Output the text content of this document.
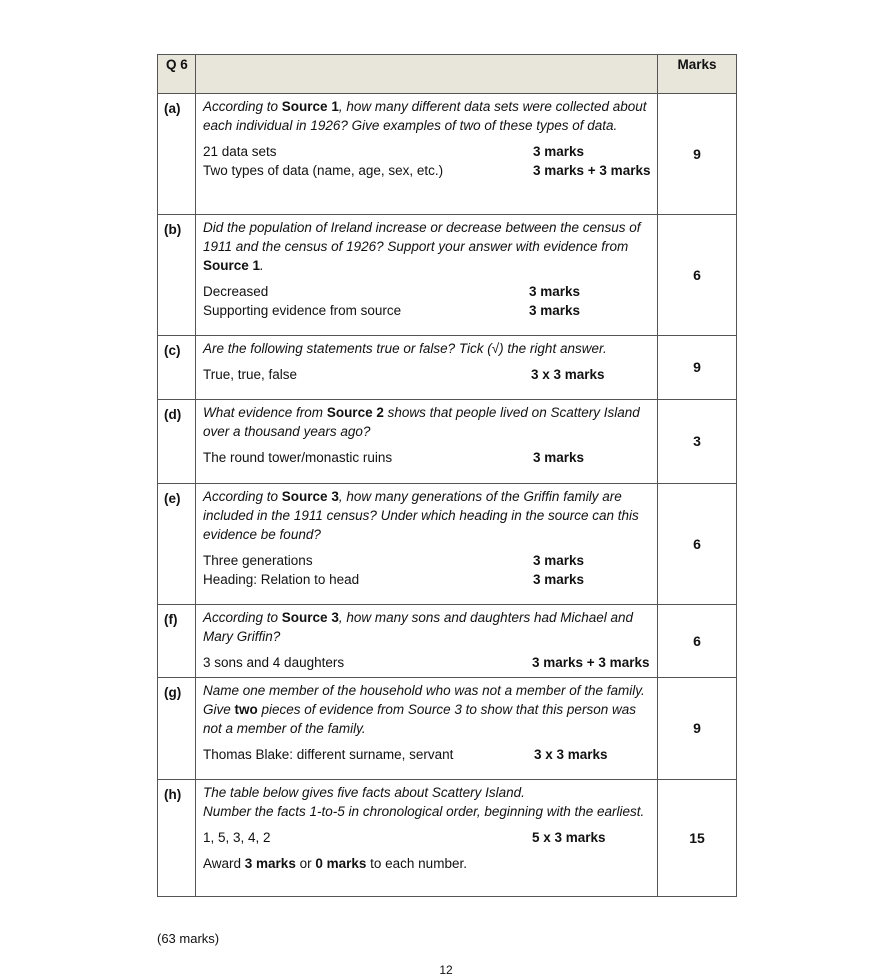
Q 6		Marks
(a)	According to Source 1, how many different data sets were collected about each individual in 1926? Give examples of two of these types of data.
21 data sets 3 marks
Two types of data (name, age, sex, etc.) 3 marks + 3 marks	9
(b)	Did the population of Ireland increase or decrease between the census of 1911 and the census of 1926? Support your answer with evidence from Source 1.
Decreased 3 marks
Supporting evidence from source 3 marks	6
(c)	Are the following statements true or false? Tick (√) the right answer.
True, true, false 3 x 3 marks	9
(d)	What evidence from Source 2 shows that people lived on Scattery Island over a thousand years ago?
The round tower/monastic ruins 3 marks	3
(e)	According to Source 3, how many generations of the Griffin family are included in the 1911 census? Under which heading in the source can this evidence be found?
Three generations 3 marks
Heading: Relation to head 3 marks	6
(f)	According to Source 3, how many sons and daughters had Michael and Mary Griffin?
3 sons and 4 daughters 3 marks + 3 marks	6
(g)	Name one member of the household who was not a member of the family. Give two pieces of evidence from Source 3 to show that this person was not a member of the family.
Thomas Blake: different surname, servant 3 x 3 marks	9
(h)	The table below gives five facts about Scattery Island.
Number the facts 1-to-5 in chronological order, beginning with the earliest.
1, 5, 3, 4, 2 5 x 3 marks
Award 3 marks or 0 marks to each number.	15
(63 marks)
12
